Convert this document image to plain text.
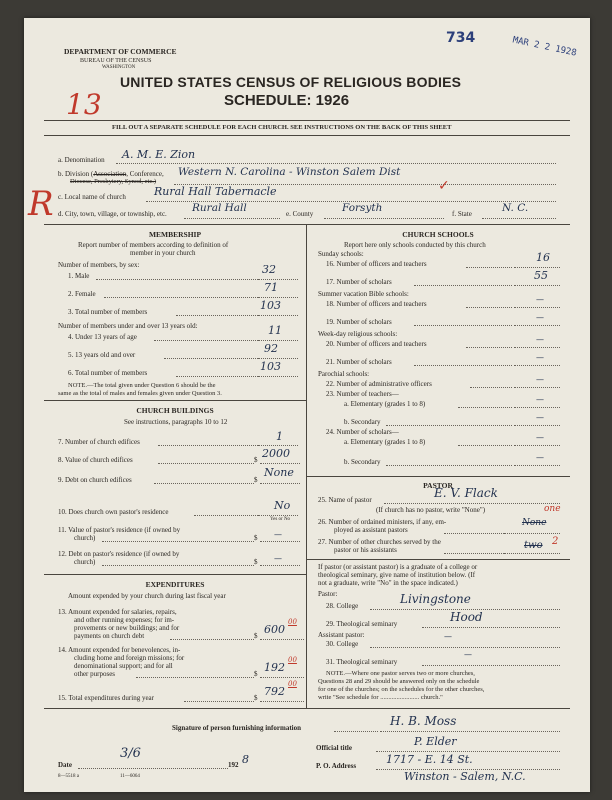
DEPARTMENT OF COMMERCE
BUREAU OF THE CENSUS
WASHINGTON
734	MAR 2 2 1928
UNITED STATES CENSUS OF RELIGIOUS BODIES
SCHEDULE: 1926
13
R
FILL OUT A SEPARATE SCHEDULE FOR EACH CHURCH. SEE INSTRUCTIONS ON THE BACK OF THIS SHEET
a. Denomination A. M. E. Zion
b. Division (Association, Conference,
Diocese, Presbytery, Synod, etc.)
Western N. Carolina - Winston Salem Dist
c. Local name of church	Rural Hall Tabernacle	✓
d. City, town, village, or township, etc. Rural Hall	e. County	Forsyth	f. State	N. C.
MEMBERSHIP
Report number of members according to definition of
member in your church
Number of members, by sex:
1. Male	32
2. Female	71
3. Total number of members	103
Number of members under and over 13 years old:
4. Under 13 years of age	11
5. 13 years old and over	92
6. Total number of members	103
NOTE.—The total given under Question 6 should be the
same as the total of males and females given under Question 3.
CHURCH BUILDINGS
See instructions, paragraphs 10 to 12
7. Number of church edifices	1
8. Value of church edifices	$ 2000
9. Debt on church edifices	$
None
10. Does church own pastor's residence	No
Yes or No
11. Value of pastor's residence (if owned by
church)	$ —
12. Debt on pastor's residence (if owned by
church)	$ —
EXPENDITURES
Amount expended by your church during last fiscal year
13. Amount expended for salaries, repairs,
and other running expenses; for im-
provements or new buildings; and for
payments on church debt	$ 600
00
14. Amount expended for benevolences, in-
cluding home and foreign missions; for
denominational support; and for all
other purposes	$ 192
00
15. Total expenditures during year	$ 792
00
CHURCH SCHOOLS
Report here only schools conducted by this church
Sunday schools:
16. Number of officers and teachers	16
17. Number of scholars	55
Summer vacation Bible schools:
18. Number of officers and teachers	—
19. Number of scholars	—
Week-day religious schools:
20. Number of officers and teachers	—
21. Number of scholars	—
Parochial schools:
22. Number of administrative officers	—
23. Number of teachers—
a. Elementary (grades 1 to 8)	—
b. Secondary	—
24. Number of scholars—
a. Elementary (grades 1 to 8)	—
b. Secondary	—
PASTOR
25. Name of pastor	E. V. Flack
(If church has no pastor, write "None")
26. Number of ordained ministers, if any, em-
ployed as assistant pastors
None
one
27. Number of other churches served by the
pastor or his assistants	two 2
If pastor (or assistant pastor) is a graduate of a college or
theological seminary, give name of institution below. (If
not a graduate, write "No" in the space indicated.)
Pastor:
28. College	Livingstone
29. Theological seminary	Hood
Assistant pastor:
30. College
—
31. Theological seminary
—
NOTE.—Where one pastor serves two or more churches,
Questions 28 and 29 should be answered only on the schedule
for one of the churches; on the schedules for the other churches,
write "See schedule for ........................ church."
Signature of person furnishing information	H. B. Moss
Official title	P. Elder
Date
3/6
192 8	P. O. Address	1717 - E. 14 St.
Winston - Salem, N.C.
8—5518 a	11—6064
